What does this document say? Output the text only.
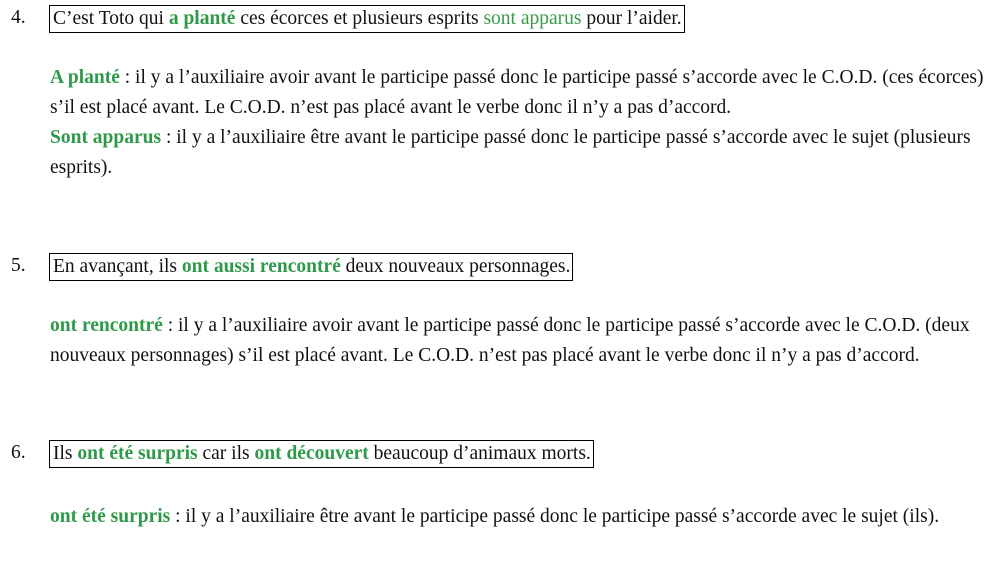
4. C’est Toto qui a planté ces écorces et plusieurs esprits sont apparus pour l’aider.

A planté : il y a l’auxiliaire avoir avant le participe passé donc le participe passé s’accorde avec le C.O.D. (ces écorces) s’il est placé avant. Le C.O.D. n’est pas placé avant le verbe donc il n’y a pas d’accord.

Sont apparus : il y a l’auxiliaire être avant le participe passé donc le participe passé s’accorde avec le sujet (plusieurs esprits).

5. En avançant, ils ont aussi rencontré deux nouveaux personnages.

ont rencontré : il y a l’auxiliaire avoir avant le participe passé donc le participe passé s’accorde avec le C.O.D. (deux nouveaux personnages) s’il est placé avant. Le C.O.D. n’est pas placé avant le verbe donc il n’y a pas d’accord.

6. Ils ont été surpris car ils ont découvert beaucoup d’animaux morts.

ont été surpris : il y a l’auxiliaire être avant le participe passé donc le participe passé s’accorde avec le sujet (ils).
